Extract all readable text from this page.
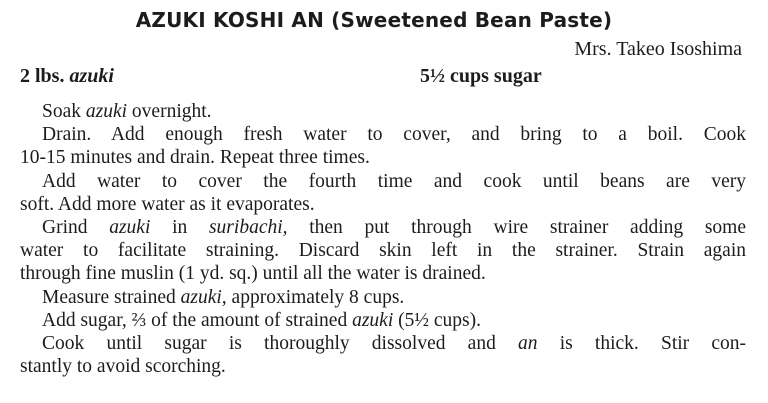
AZUKI KOSHI AN (Sweetened Bean Paste)
Mrs. Takeo Isoshima
2 lbs. azuki	5½ cups sugar
Soak azuki overnight.
Drain. Add enough fresh water to cover, and bring to a boil. Cook
10-15 minutes and drain. Repeat three times.
Add water to cover the fourth time and cook until beans are very
soft. Add more water as it evaporates.
Grind azuki in suribachi, then put through wire strainer adding some
water to facilitate straining. Discard skin left in the strainer. Strain again
through fine muslin (1 yd. sq.) until all the water is drained.
Measure strained azuki, approximately 8 cups.
Add sugar, ⅔ of the amount of strained azuki (5½ cups).
Cook until sugar is thoroughly dissolved and an is thick. Stir con-
stantly to avoid scorching.
